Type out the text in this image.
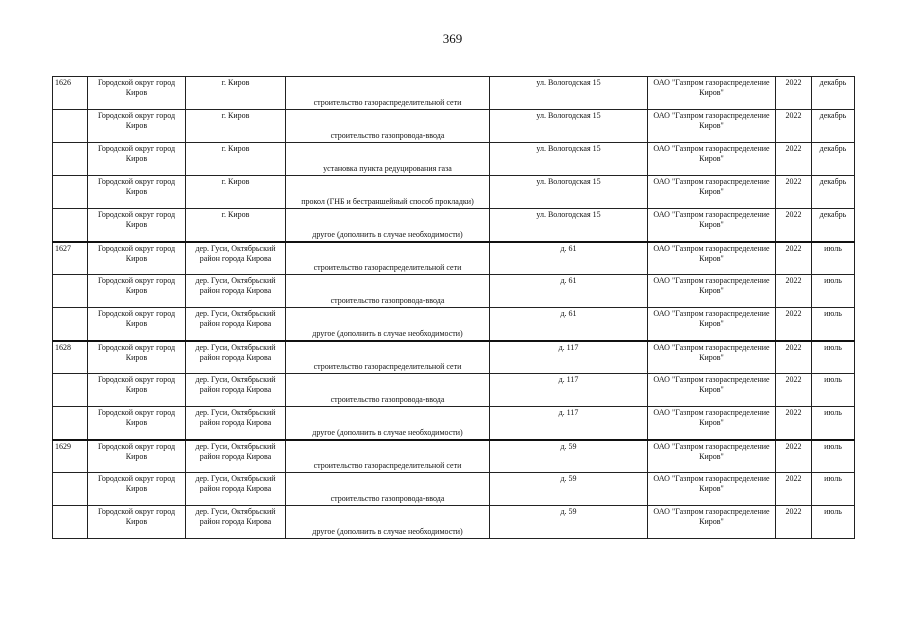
369
1626	Городской округ город Киров	г. Киров	строительство газораспределительной сети	ул. Вологодская 15	ОАО "Газпром газораспределение Киров"	2022	декабрь
	Городской округ город Киров	г. Киров	строительство газопровода-ввода	ул. Вологодская 15	ОАО "Газпром газораспределение Киров"	2022	декабрь
	Городской округ город Киров	г. Киров	установка пункта редуцирования газа	ул. Вологодская 15	ОАО "Газпром газораспределение Киров"	2022	декабрь
	Городской округ город Киров	г. Киров	прокол (ГНБ и бестраншейный способ прокладки)	ул. Вологодская 15	ОАО "Газпром газораспределение Киров"	2022	декабрь
	Городской округ город Киров	г. Киров	другое (дополнить в случае необходимости)	ул. Вологодская 15	ОАО "Газпром газораспределение Киров"	2022	декабрь
1627	Городской округ город Киров	дер. Гуси, Октябрьский район города Кирова	строительство газораспределительной сети	д. 61	ОАО "Газпром газораспределение Киров"	2022	июль
	Городской округ город Киров	дер. Гуси, Октябрьский район города Кирова	строительство газопровода-ввода	д. 61	ОАО "Газпром газораспределение Киров"	2022	июль
	Городской округ город Киров	дер. Гуси, Октябрьский район города Кирова	другое (дополнить в случае необходимости)	д. 61	ОАО "Газпром газораспределение Киров"	2022	июль
1628	Городской округ город Киров	дер. Гуси, Октябрьский район города Кирова	строительство газораспределительной сети	д. 117	ОАО "Газпром газораспределение Киров"	2022	июль
	Городской округ город Киров	дер. Гуси, Октябрьский район города Кирова	строительство газопровода-ввода	д. 117	ОАО "Газпром газораспределение Киров"	2022	июль
	Городской округ город Киров	дер. Гуси, Октябрьский район города Кирова	другое (дополнить в случае необходимости)	д. 117	ОАО "Газпром газораспределение Киров"	2022	июль
1629	Городской округ город Киров	дер. Гуси, Октябрьский район города Кирова	строительство газораспределительной сети	д. 59	ОАО "Газпром газораспределение Киров"	2022	июль
	Городской округ город Киров	дер. Гуси, Октябрьский район города Кирова	строительство газопровода-ввода	д. 59	ОАО "Газпром газораспределение Киров"	2022	июль
	Городской округ город Киров	дер. Гуси, Октябрьский район города Кирова	другое (дополнить в случае необходимости)	д. 59	ОАО "Газпром газораспределение Киров"	2022	июль
